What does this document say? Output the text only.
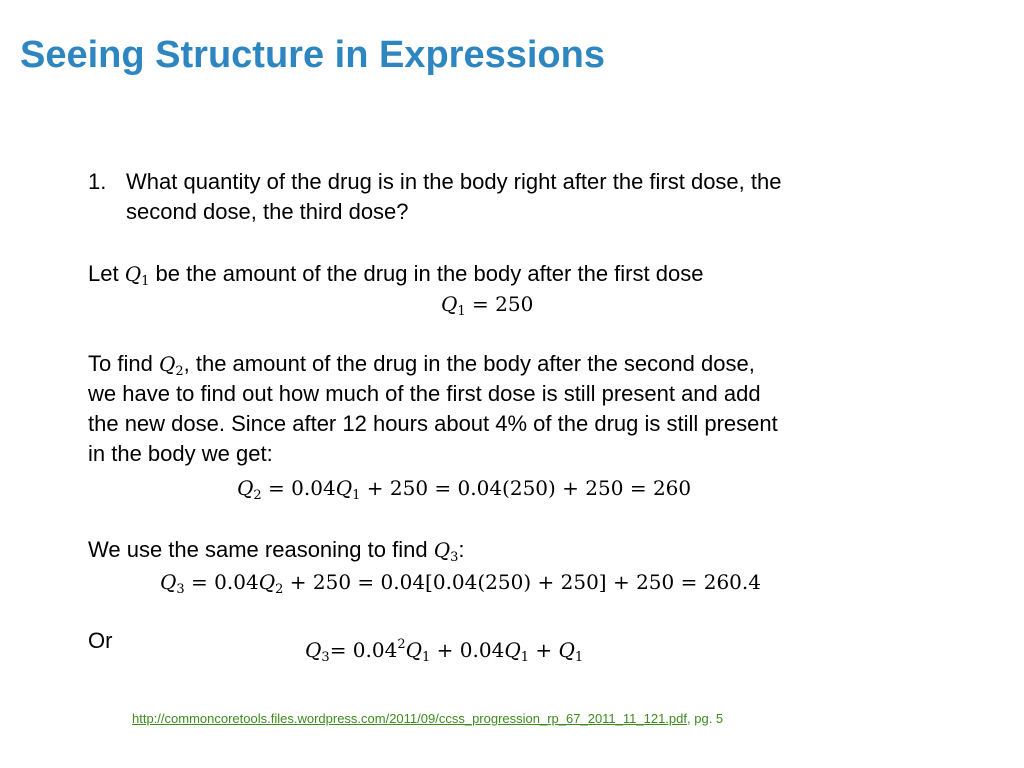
Seeing Structure in Expressions
1. What quantity of the drug is in the body right after the first dose, the
second dose, the third dose?
Let $Q_1$ be the amount of the drug in the body after the first dose
$Q_1 = 250$
To find $Q_2$, the amount of the drug in the body after the second dose,
we have to find out how much of the first dose is still present and add
the new dose. Since after 12 hours about 4% of the drug is still present
in the body we get:
$Q_2 = 0.04Q_1 + 250 = 0.04(250) + 250 = 260$
We use the same reasoning to find $Q_3$:
$Q_3 = 0.04Q_2 + 250 = 0.04[0.04(250) + 250] + 250 = 260.4$
Or	$Q_3= 0.04^2Q_1 + 0.04Q_1 + Q_1$
http://commoncoretools.files.wordpress.com/2011/09/ccss_progression_rp_67_2011_11_121.pdf, pg. 5
